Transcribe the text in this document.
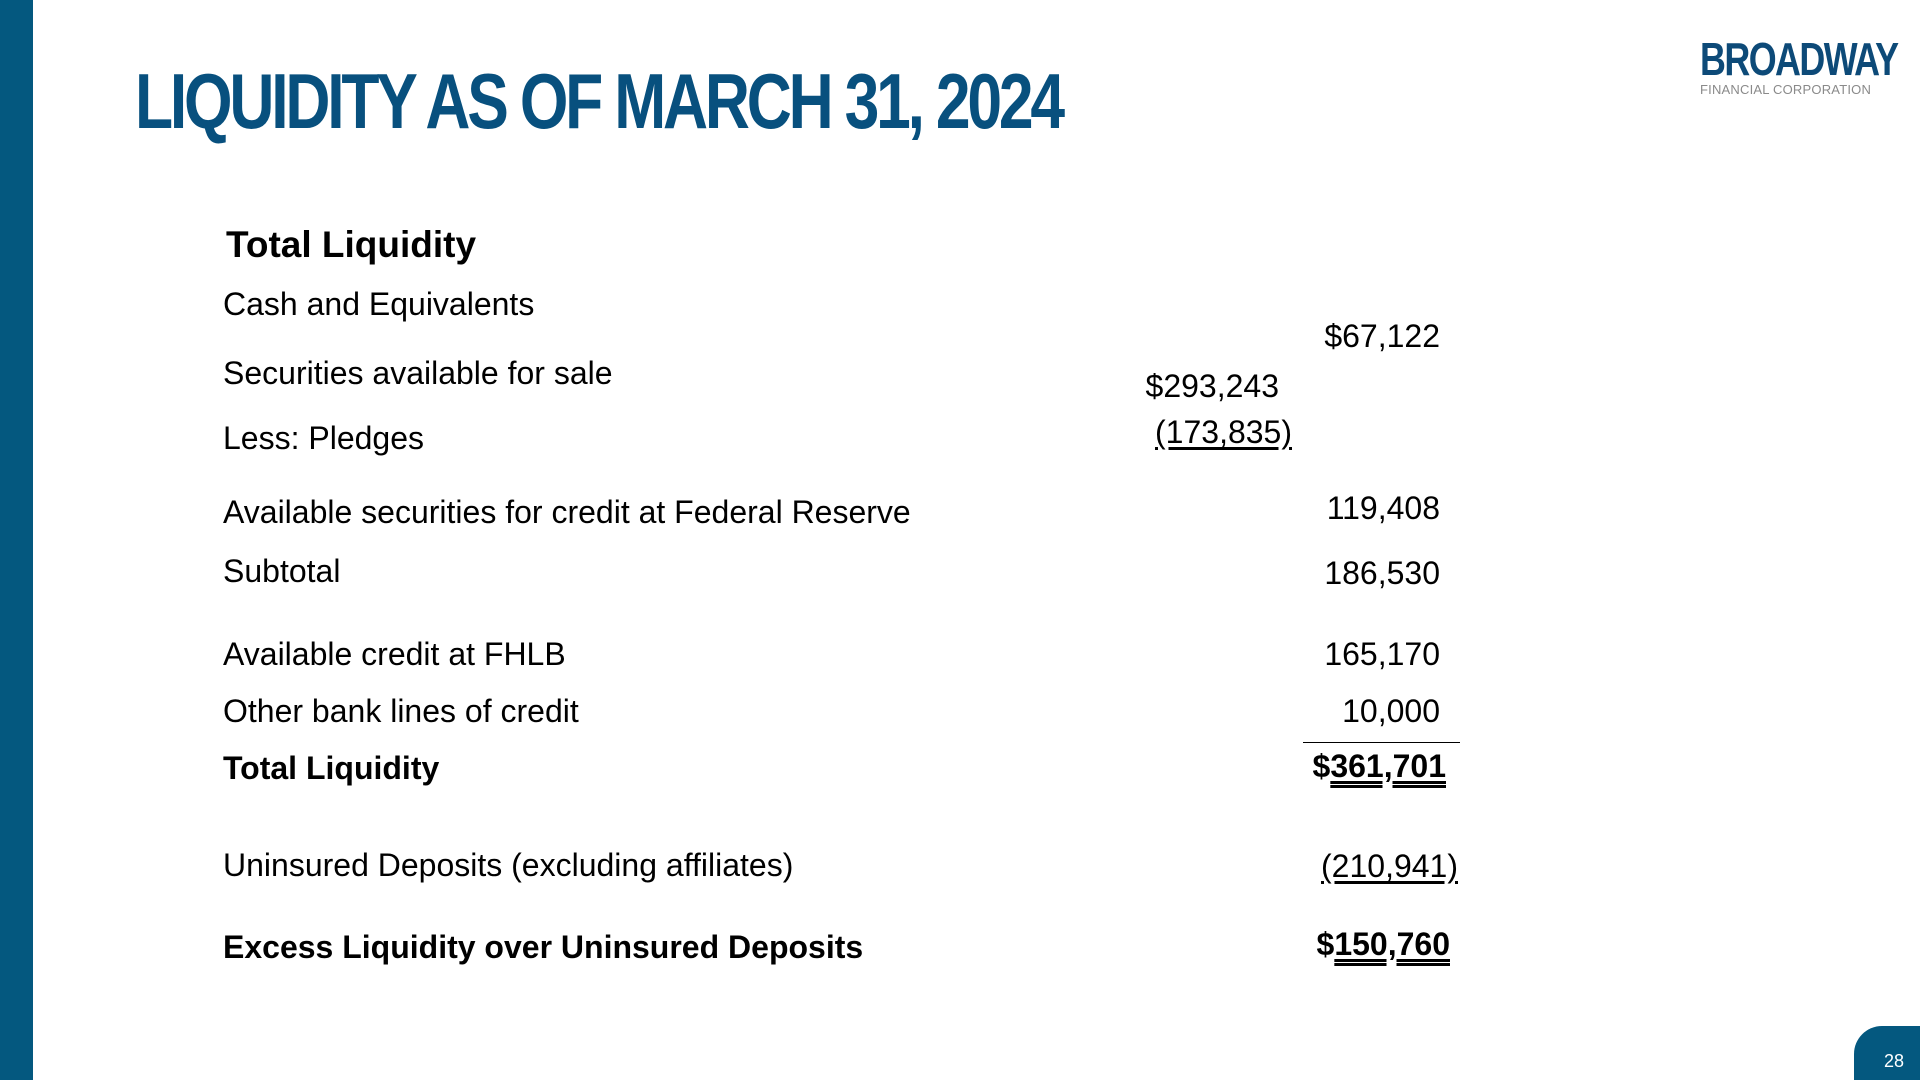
LIQUIDITY AS OF MARCH 31, 2024	BROADWAY
FINANCIAL CORPORATION
Total Liquidity
Cash and Equivalents
Securities available for sale
Less: Pledges
Available securities for credit at Federal Reserve
Subtotal
Available credit at FHLB
Other bank lines of credit
Total Liquidity
Uninsured Deposits (excluding affiliates)
Excess Liquidity over Uninsured Deposits
$293,243
(173,835)
$67,122
119,408
186,530
165,170
10,000
$361,701
(210,941)
$150,760
28
